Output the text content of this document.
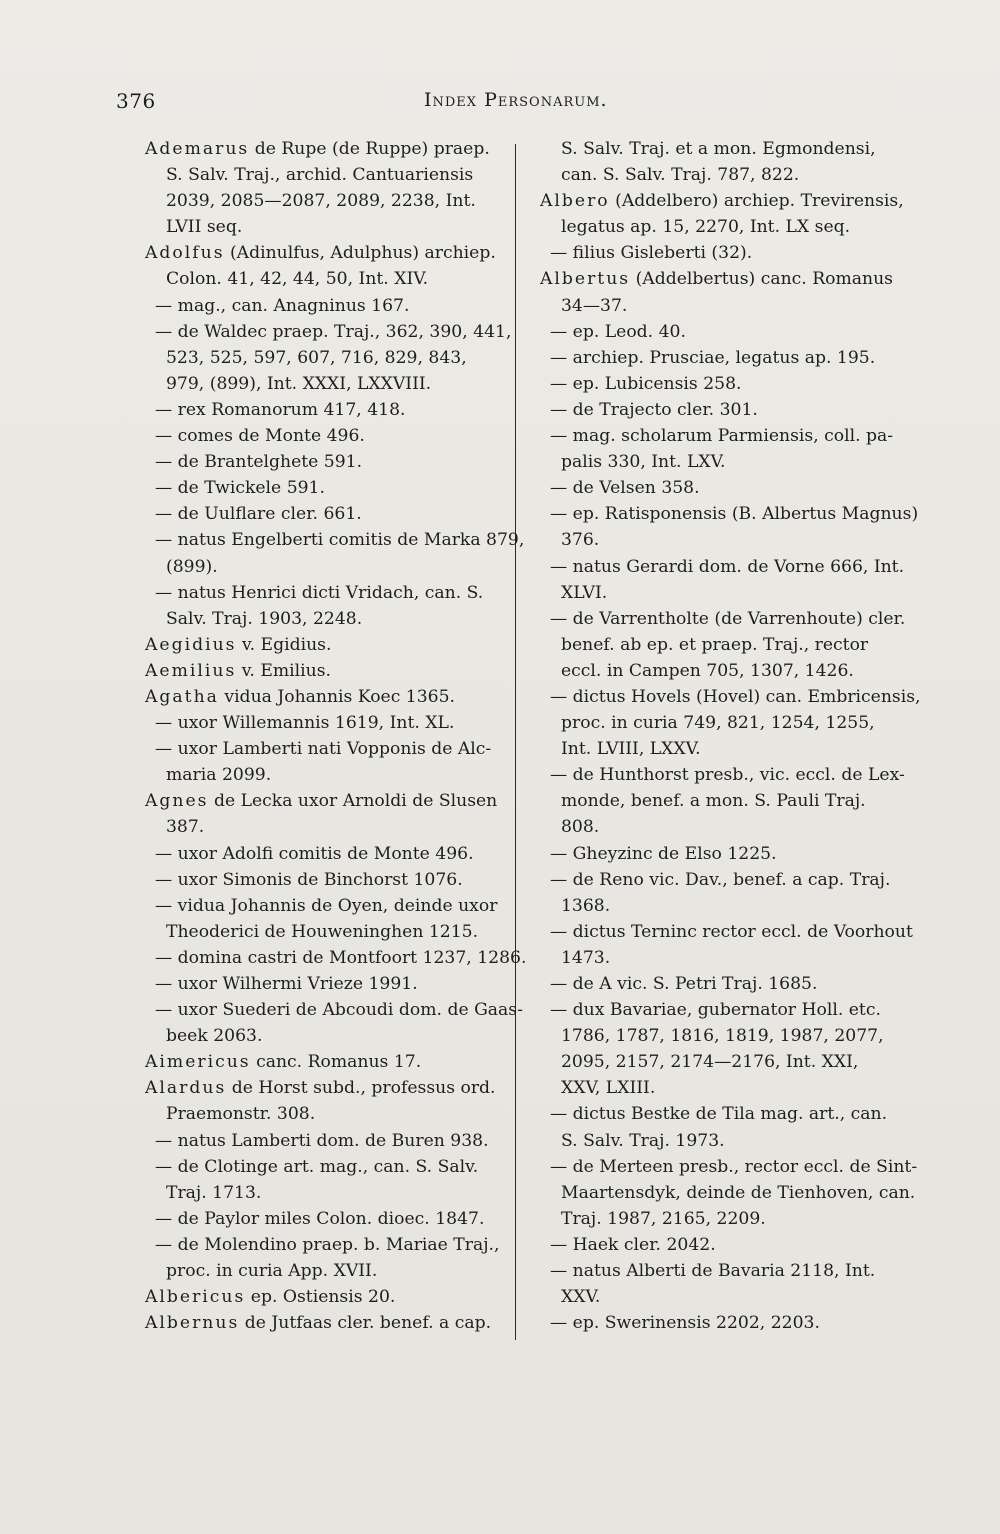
376	Index Personarum.
Ademarus de Rupe (de Ruppe) praep.
S. Salv. Traj., archid. Cantuariensis
2039, 2085—2087, 2089, 2238, Int.
LVII seq.
Adolfus (Adinulfus, Adulphus) archiep.
Colon. 41, 42, 44, 50, Int. XIV.
— mag., can. Anagninus 167.
— de Waldec praep. Traj., 362, 390, 441,
523, 525, 597, 607, 716, 829, 843,
979, (899), Int. XXXI, LXXVIII.
— rex Romanorum 417, 418.
— comes de Monte 496.
— de Brantelghete 591.
— de Twickele 591.
— de Uulflare cler. 661.
— natus Engelberti comitis de Marka 879,
(899).
— natus Henrici dicti Vridach, can. S.
Salv. Traj. 1903, 2248.
Aegidius v. Egidius.
Aemilius v. Emilius.
Agatha vidua Johannis Koec 1365.
— uxor Willemannis 1619, Int. XL.
— uxor Lamberti nati Vopponis de Alc-
maria 2099.
Agnes de Lecka uxor Arnoldi de Slusen
387.
— uxor Adolfi comitis de Monte 496.
— uxor Simonis de Binchorst 1076.
— vidua Johannis de Oyen, deinde uxor
Theoderici de Houweninghen 1215.
— domina castri de Montfoort 1237, 1286.
— uxor Wilhermi Vrieze 1991.
— uxor Suederi de Abcoudi dom. de Gaas-
beek 2063.
Aimericus canc. Romanus 17.
Alardus de Horst subd., professus ord.
Praemonstr. 308.
— natus Lamberti dom. de Buren 938.
— de Clotinge art. mag., can. S. Salv.
Traj. 1713.
— de Paylor miles Colon. dioec. 1847.
— de Molendino praep. b. Mariae Traj.,
proc. in curia App. XVII.
Albericus ep. Ostiensis 20.
Albernus de Jutfaas cler. benef. a cap.
S. Salv. Traj. et a mon. Egmondensi,
can. S. Salv. Traj. 787, 822.
Albero (Addelbero) archiep. Trevirensis,
legatus ap. 15, 2270, Int. LX seq.
— filius Gisleberti (32).
Albertus (Addelbertus) canc. Romanus
34—37.
— ep. Leod. 40.
— archiep. Prusciae, legatus ap. 195.
— ep. Lubicensis 258.
— de Trajecto cler. 301.
— mag. scholarum Parmiensis, coll. pa-
palis 330, Int. LXV.
— de Velsen 358.
— ep. Ratisponensis (B. Albertus Magnus)
376.
— natus Gerardi dom. de Vorne 666, Int.
XLVI.
— de Varrentholte (de Varrenhoute) cler.
benef. ab ep. et praep. Traj., rector
eccl. in Campen 705, 1307, 1426.
— dictus Hovels (Hovel) can. Embricensis,
proc. in curia 749, 821, 1254, 1255,
Int. LVIII, LXXV.
— de Hunthorst presb., vic. eccl. de Lex-
monde, benef. a mon. S. Pauli Traj.
808.
— Gheyzinc de Elso 1225.
— de Reno vic. Dav., benef. a cap. Traj.
1368.
— dictus Terninc rector eccl. de Voorhout
1473.
— de A vic. S. Petri Traj. 1685.
— dux Bavariae, gubernator Holl. etc.
1786, 1787, 1816, 1819, 1987, 2077,
2095, 2157, 2174—2176, Int. XXI,
XXV, LXIII.
— dictus Bestke de Tila mag. art., can.
S. Salv. Traj. 1973.
— de Merteen presb., rector eccl. de Sint-
Maartensdyk, deinde de Tienhoven, can.
Traj. 1987, 2165, 2209.
— Haek cler. 2042.
— natus Alberti de Bavaria 2118, Int.
XXV.
— ep. Swerinensis 2202, 2203.
